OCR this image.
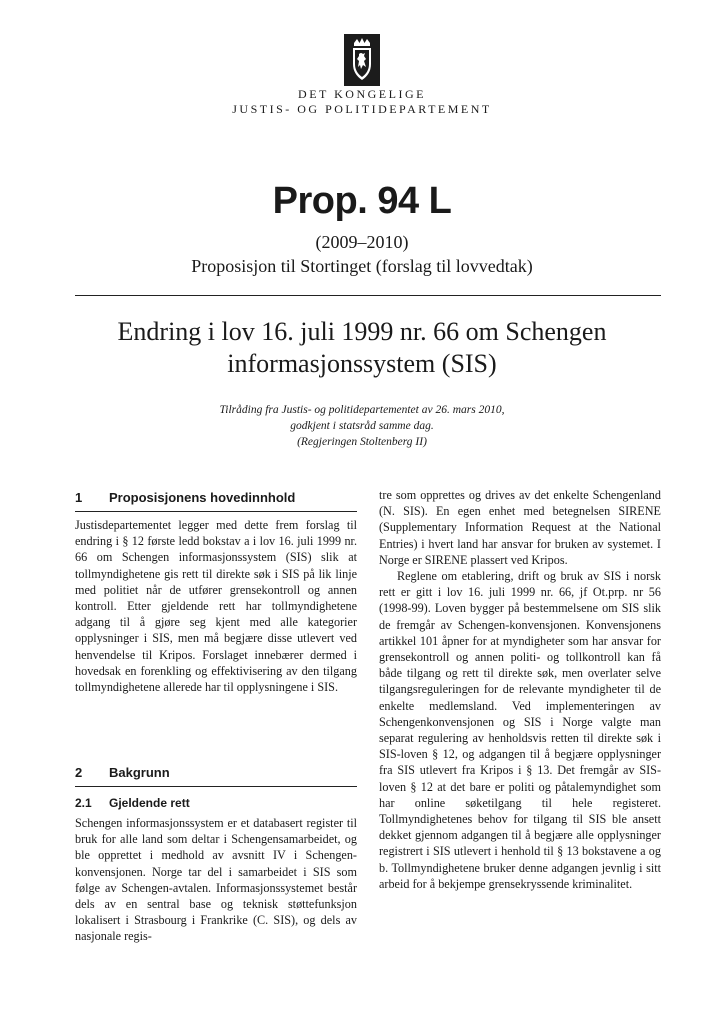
DET KONGELIGE
JUSTIS- OG POLITIDEPARTEMENT
Prop. 94 L
(2009–2010)
Proposisjon til Stortinget (forslag til lovvedtak)
Endring i lov 16. juli 1999 nr. 66 om Schengen informasjonssystem (SIS)
Tilråding fra Justis- og politidepartementet av 26. mars 2010,
godkjent i statsråd samme dag.
(Regjeringen Stoltenberg II)
1 Proposisjonens hovedinnhold

Justisdepartementet legger med dette frem forslag til endring i § 12 første ledd bokstav a i lov 16. juli 1999 nr. 66 om Schengen informasjonssystem (SIS) slik at tollmyndighetene gis rett til direkte søk i SIS på lik linje med politiet når de utfører grensekontroll og annen kontroll. Etter gjeldende rett har tollmyndighetene adgang til å gjøre seg kjent med alle kategorier opplysninger i SIS, men må begjære disse utlevert ved henvendelse til Kripos. Forslaget innebærer dermed i hovedsak en forenkling og effektivisering av den tilgang tollmyndighetene allerede har til opplysningene i SIS.

2 Bakgrunn
2.1 Gjeldende rett

Schengen informasjonssystem er et databasert register til bruk for alle land som deltar i Schengensamarbeidet, og ble opprettet i medhold av avsnitt IV i Schengen-konvensjonen. Norge tar del i samarbeidet i SIS som følge av Schengen-avtalen. Informasjonssystemet består dels av en sentral base og teknisk støttefunksjon lokalisert i Strasbourg i Frankrike (C. SIS), og dels av nasjonale regis-

tre som opprettes og drives av det enkelte Schengenland (N. SIS). En egen enhet med betegnelsen SIRENE (Supplementary Information Request at the National Entries) i hvert land har ansvar for bruken av systemet. I Norge er SIRENE plassert ved Kripos.

Reglene om etablering, drift og bruk av SIS i norsk rett er gitt i lov 16. juli 1999 nr. 66, jf Ot.prp. nr 56 (1998-99). Loven bygger på bestemmelsene om SIS slik de fremgår av Schengen-konvensjonen. Konvensjonens artikkel 101 åpner for at myndigheter som har ansvar for grensekontroll og annen politi- og tollkontroll kan få både tilgang og rett til direkte søk, men overlater selve tilgangsreguleringen for de relevante myndigheter til de enkelte medlemsland. Ved implementeringen av Schengenkonvensjonen og SIS i Norge valgte man separat regulering av henholdsvis retten til direkte søk i SIS-loven § 12, og adgangen til å begjære opplysninger fra SIS utlevert fra Kripos i § 13. Det fremgår av SIS-loven § 12 at det bare er politi og påtalemyndighet som har online søketilgang til hele registeret. Tollmyndighetenes behov for tilgang til SIS ble ansett dekket gjennom adgangen til å begjære alle opplysninger registrert i SIS utlevert i henhold til § 13 bokstavene a og b. Tollmyndighetene bruker denne adgangen jevnlig i sitt arbeid for å bekjempe grensekryssende kriminalitet.
